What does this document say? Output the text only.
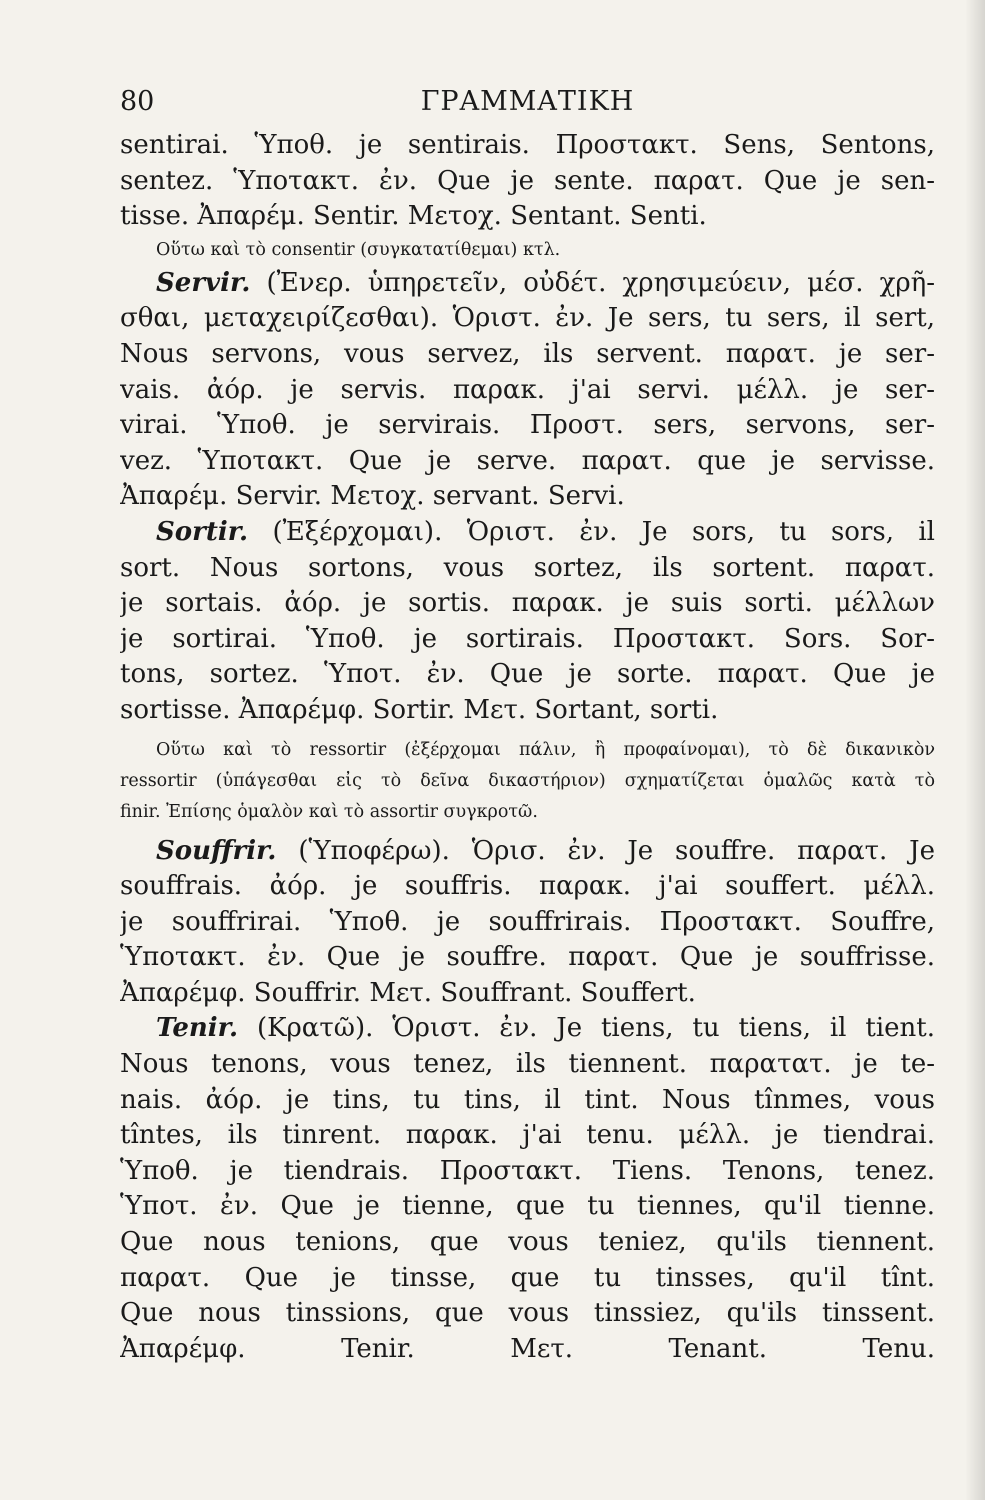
80	ΓΡΑΜΜΑΤΙΚΗ
sentirai. Ὑποθ. je sentirais. Προστακτ. Sens, Sentons,
sentez. Ὑποτακτ. ἐν. Que je sente. παρατ. Que je sen-
tisse. Ἀπαρέμ. Sentir. Μετοχ. Sentant. Senti.
Οὕτω καὶ τὸ consentir (συγκατατίθεμαι) κτλ.
Servir. (Ἐνερ. ὑπηρετεῖν, οὐδέτ. χρησιμεύειν, μέσ. χρῆ-
σθαι, μεταχειρίζεσθαι). Ὁριστ. ἐν. Je sers, tu sers, il sert,
Nous servons, vous servez, ils servent. παρατ. je ser-
vais. ἀόρ. je servis. παρακ. j'ai servi. μέλλ. je ser-
virai. Ὑποθ. je servirais. Προστ. sers, servons, ser-
vez. Ὑποτακτ. Que je serve. παρατ. que je servisse.
Ἀπαρέμ. Servir. Μετοχ. servant. Servi.
Sortir. (Ἐξέρχομαι). Ὁριστ. ἐν. Je sors, tu sors, il
sort. Nous sortons, vous sortez, ils sortent. παρατ.
je sortais. ἀόρ. je sortis. παρακ. je suis sorti. μέλλων
je sortirai. Ὑποθ. je sortirais. Προστακτ. Sors. Sor-
tons, sortez. Ὑποτ. ἐν. Que je sorte. παρατ. Que je
sortisse. Ἀπαρέμφ. Sortir. Μετ. Sortant, sorti.
Οὕτω καὶ τὸ ressortir (ἐξέρχομαι πάλιν, ἢ προφαίνομαι), τὸ δὲ δικανικὸν
ressortir (ὑπάγεσθαι εἰς τὸ δεῖνα δικαστήριον) σχηματίζεται ὁμαλῶς κατὰ τὸ
finir. Ἐπίσης ὁμαλὸν καὶ τὸ assortir συγκροτῶ.
Souffrir. (Ὑποφέρω). Ὁρισ. ἐν. Je souffre. παρατ. Je
souffrais. ἀόρ. je souffris. παρακ. j'ai souffert. μέλλ.
je souffrirai. Ὑποθ. je souffrirais. Προστακτ. Souffre,
Ὑποτακτ. ἐν. Que je souffre. παρατ. Que je souffrisse.
Ἀπαρέμφ. Souffrir. Μετ. Souffrant. Souffert.
Tenir. (Κρατῶ). Ὁριστ. ἐν. Je tiens, tu tiens, il tient.
Nous tenons, vous tenez, ils tiennent. παρατατ. je te-
nais. ἀόρ. je tins, tu tins, il tint. Nous tînmes, vous
tîntes, ils tinrent. παρακ. j'ai tenu. μέλλ. je tiendrai.
Ὑποθ. je tiendrais. Προστακτ. Tiens. Tenons, tenez.
Ὑποτ. ἐν. Que je tienne, que tu tiennes, qu'il tienne.
Que nous tenions, que vous teniez, qu'ils tiennent.
παρατ. Que je tinsse, que tu tinsses, qu'il tînt.
Que nous tinssions, que vous tinssiez, qu'ils tinssent.
Ἀπαρέμφ. Tenir. Μετ. Tenant. Tenu.
